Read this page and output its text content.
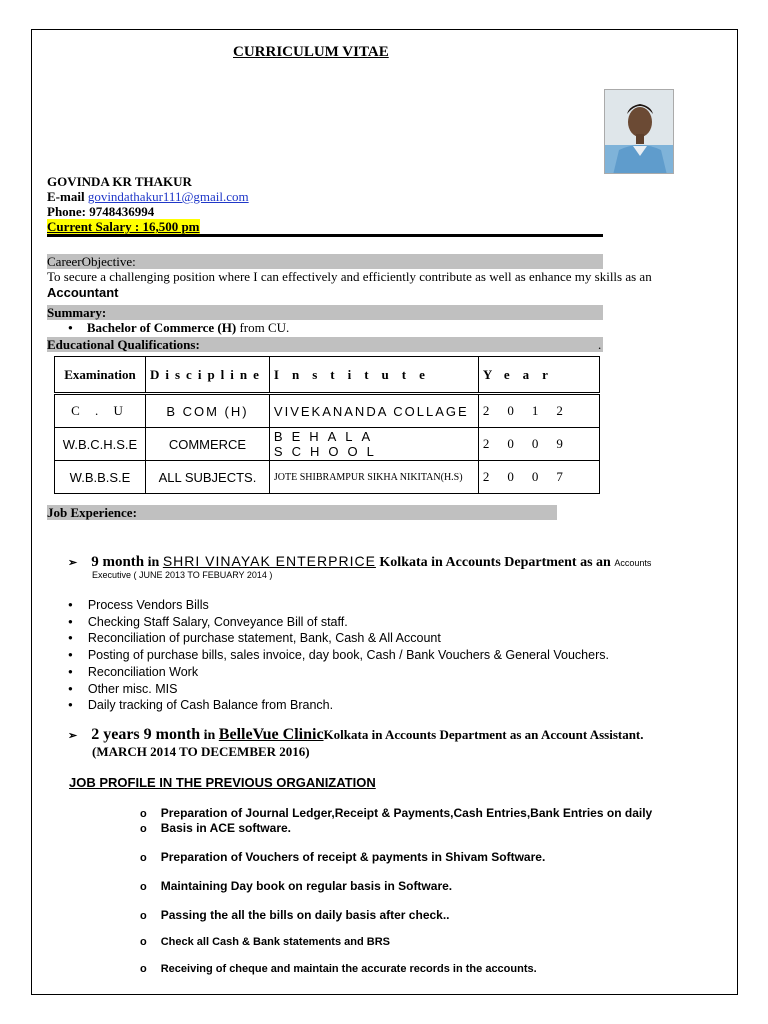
CURRICULUM VITAE
GOVINDA KR THAKUR
E-mail govindathakur111@gmail.com
Phone: 9748436994
Current Salary : 16,500 pm
CareerObjective:
To secure a challenging position where I can effectively and efficiently contribute as well as enhance my skills as an
Accountant
Summary:
● Bachelor of Commerce (H) from CU.
Educational Qualifications:	.
Examination	Discipline	Institute	Year
C . U	B COM (H)	VIVEKANANDA COLLAGE	2012
W.B.C.H.S.E	COMMERCE	BEHALA SCHOOL	2009
W.B.B.S.E	ALL SUBJECTS.	JOTE SHIBRAMPUR SIKHA NIKITAN(H.S)	2007
Job Experience:
➢ 9 month in SHRI VINAYAK ENTERPRICE Kolkata in Accounts Department as an Accounts
Executive ( JUNE 2013 TO FEBUARY 2014 )
● Process Vendors Bills
● Checking Staff Salary, Conveyance Bill of staff.
● Reconciliation of purchase statement, Bank, Cash & All Account
● Posting of purchase bills, sales invoice, day book, Cash / Bank Vouchers & General Vouchers.
● Reconciliation Work
● Other misc. MIS
● Daily tracking of Cash Balance from Branch.
➢ 2 years 9 month in BelleVue ClinicKolkata in Accounts Department as an Account Assistant.
(MARCH 2014 TO DECEMBER 2016)
JOB PROFILE IN THE PREVIOUS ORGANIZATION
o Preparation of Journal Ledger,Receipt & Payments,Cash Entries,Bank Entries on daily
o Basis in ACE software.
o Preparation of Vouchers of receipt & payments in Shivam Software.
o Maintaining Day book on regular basis in Software.
o Passing the all the bills on daily basis after check..
o Check all Cash & Bank statements and BRS
o Receiving of cheque and maintain the accurate records in the accounts.
